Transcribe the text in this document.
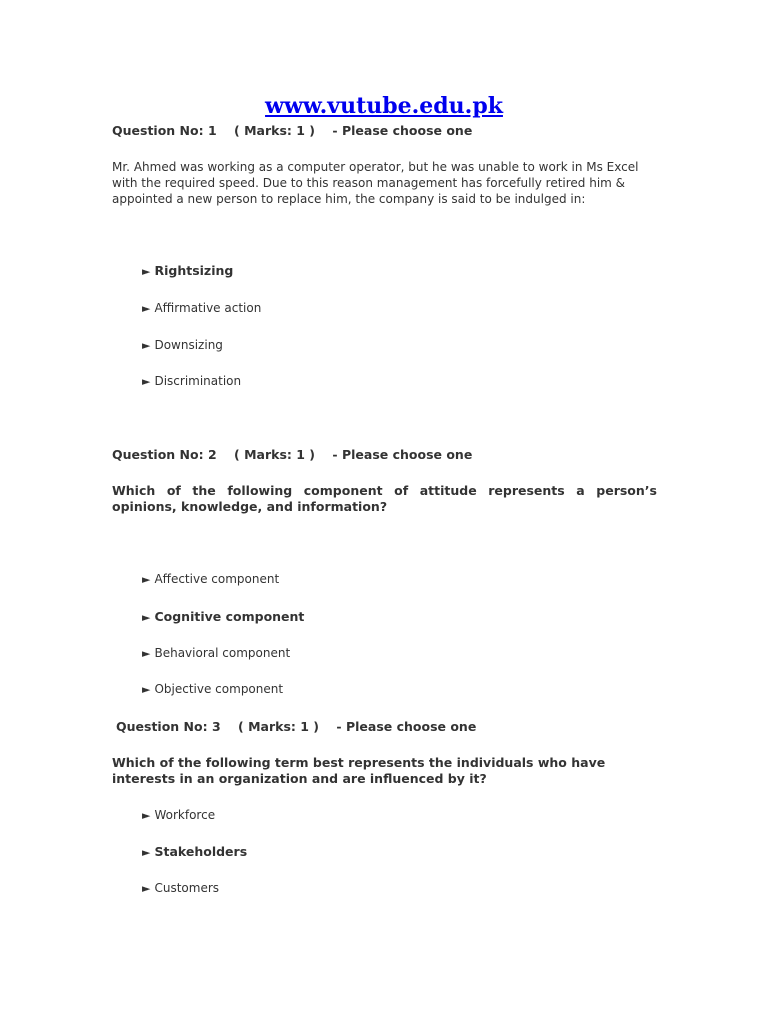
www.vutube.edu.pk
Question No: 1    ( Marks: 1 )    - Please choose one
Mr. Ahmed was working as a computer operator, but he was unable to work in Ms Excel with the required speed. Due to this reason management has forcefully retired him & appointed a new person to replace him, the company is said to be indulged in:
► Rightsizing
► Affirmative action
► Downsizing
► Discrimination
Question No: 2    ( Marks: 1 )    - Please choose one
Which of the following component of attitude represents a person’s opinions, knowledge, and information?
► Affective component
► Cognitive component
► Behavioral component
► Objective component
Question No: 3    ( Marks: 1 )    - Please choose one
Which of the following term best represents the individuals who have interests in an organization and are influenced by it?
► Workforce
► Stakeholders
► Customers
